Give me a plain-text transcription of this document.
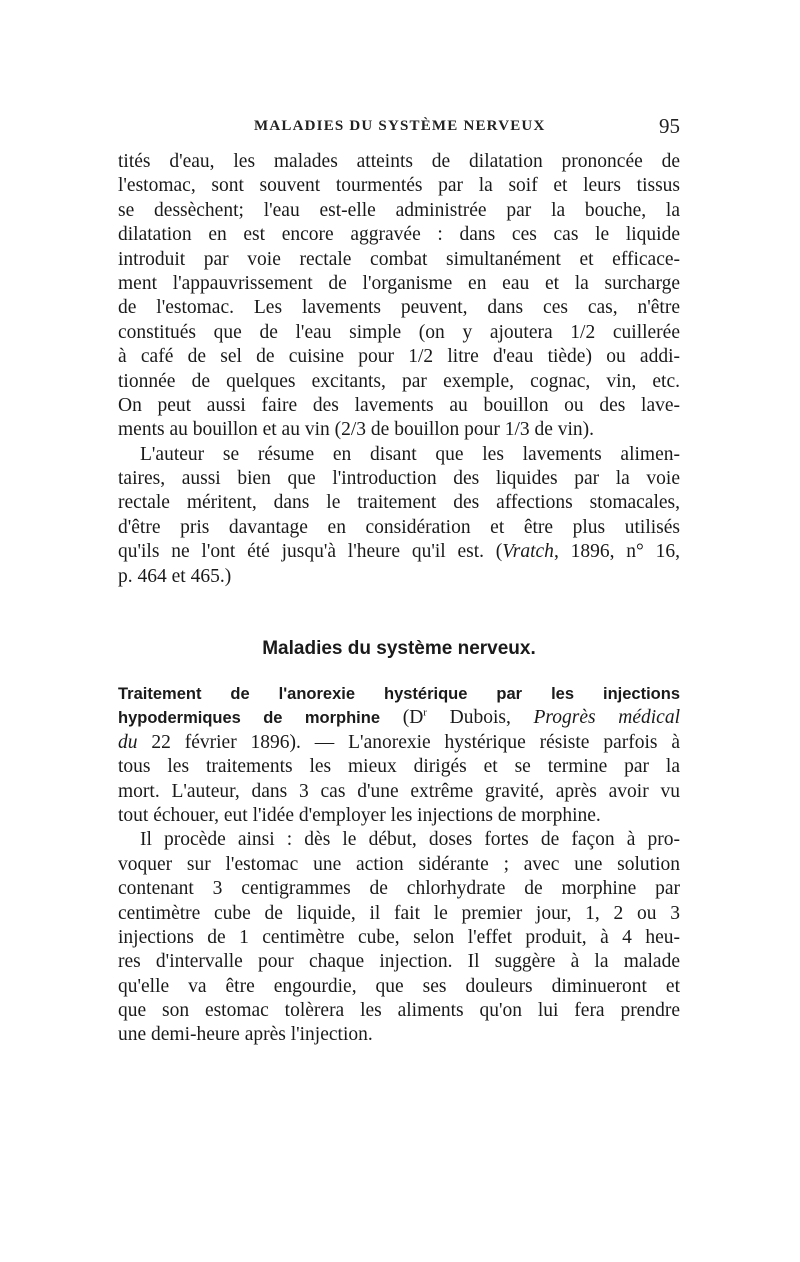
MALADIES DU SYSTÈME NERVEUX	95
tités d'eau, les malades atteints de dilatation prononcée de
l'estomac, sont souvent tourmentés par la soif et leurs tissus
se dessèchent; l'eau est-elle administrée par la bouche, la
dilatation en est encore aggravée : dans ces cas le liquide
introduit par voie rectale combat simultanément et efficace-
ment l'appauvrissement de l'organisme en eau et la surcharge
de l'estomac. Les lavements peuvent, dans ces cas, n'être
constitués que de l'eau simple (on y ajoutera 1/2 cuillerée
à café de sel de cuisine pour 1/2 litre d'eau tiède) ou addi-
tionnée de quelques excitants, par exemple, cognac, vin, etc.
On peut aussi faire des lavements au bouillon ou des lave-
ments au bouillon et au vin (2/3 de bouillon pour 1/3 de vin).
L'auteur se résume en disant que les lavements alimen-
taires, aussi bien que l'introduction des liquides par la voie
rectale méritent, dans le traitement des affections stomacales,
d'être pris davantage en considération et être plus utilisés
qu'ils ne l'ont été jusqu'à l'heure qu'il est. (Vratch, 1896, n° 16,
p. 464 et 465.)
Maladies du système nerveux.
Traitement de l'anorexie hystérique par les injections
hypodermiques de morphine ($D^r$ Dubois, Progrès médical
du 22 février 1896). — L'anorexie hystérique résiste parfois à
tous les traitements les mieux dirigés et se termine par la
mort. L'auteur, dans 3 cas d'une extrême gravité, après avoir vu
tout échouer, eut l'idée d'employer les injections de morphine.
Il procède ainsi : dès le début, doses fortes de façon à pro-
voquer sur l'estomac une action sidérante ; avec une solution
contenant 3 centigrammes de chlorhydrate de morphine par
centimètre cube de liquide, il fait le premier jour, 1, 2 ou 3
injections de 1 centimètre cube, selon l'effet produit, à 4 heu-
res d'intervalle pour chaque injection. Il suggère à la malade
qu'elle va être engourdie, que ses douleurs diminueront et
que son estomac tolèrera les aliments qu'on lui fera prendre
une demi-heure après l'injection.
